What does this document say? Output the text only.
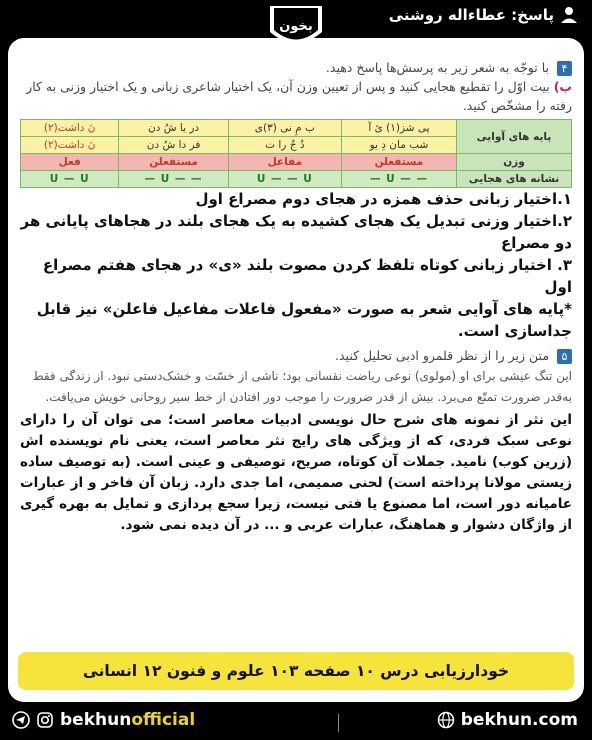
پاسخ: عطاءاله روشنی
۴ با توجّه به شعر زیر به پرسش‌ها پاسخ دهید.
ب) بیت اوّل را تقطیع هجایی کنید و پس از تعیین وزن آن، یک اختیار شاعری زبانی و یک اختیار وزنی به کار رفته را مشخّص کنید.
پایه های آوایی	پی شز(۱) ئ آ	ب مِ نی (۳)ی	در یا شُ دن	نَ داشت(۲)
	شب مان دِ یو	دُ جُ را ت	فر دا شُ دن	نَ داشت(۲)
وزن	مستفعلن	مفاعل	مستفعلن	فعل
نشانه های هجایی	— — U —	U — — U	— — U —	U — U
۱.اختیار زبانی حذف همزه در هجای دوم مصراع اول
۲.اختیار وزنی تبدیل یک هجای کشیده به یک هجای بلند در هجاهای پایانی هر دو مصراع
۳. اختیار زبانی کوتاه تلفظ کردن مصوت بلند «ی» در هجای هفتم مصراع اول
*پایه های آوایی شعر به صورت «مفعول فاعلات مفاعیل فاعلن» نیز قابل جداسازی است.
۵ متن زیر را از نظر قلمرو ادبی تحلیل کنید.
این تنگ عیشی برای او (مولوی) نوعی ریاضت نفسانی بود؛ ناشی از خسّت و خشک‌دستی نبود. از زندگی فقط به‌قدر ضرورت تمتّع می‌برد. بیش از قدر ضرورت را موجب دور افتادن از خط سیر روحانی خویش می‌یافت.
این نثر از نمونه های شرح حال نویسی ادبیات معاصر است؛ می توان آن را دارای نوعی سبک فردی، که از ویژگی های رایج نثر معاصر است، یعنی نام نویسنده اش (زرین کوب) نامید. جملات آن کوتاه، صریح، توصیفی و عینی است. (به توصیف ساده زیستی مولانا پرداخته است) لحنی صمیمی، اما جدی دارد. زبان آن فاخر و از عبارات عامیانه دور است، اما مصنوع یا فتی نیست، زیرا سجع پردازی و تمایل به بهره گیری از واژگان دشوار و هماهنگ، عبارات عربی و ... در آن دیده نمی شود.
خودارزیابی درس ۱۰ صفحه ۱۰۳ علوم و فنون ۱۲ انسانی
بخون
bekhunofficial	bekhun.com
